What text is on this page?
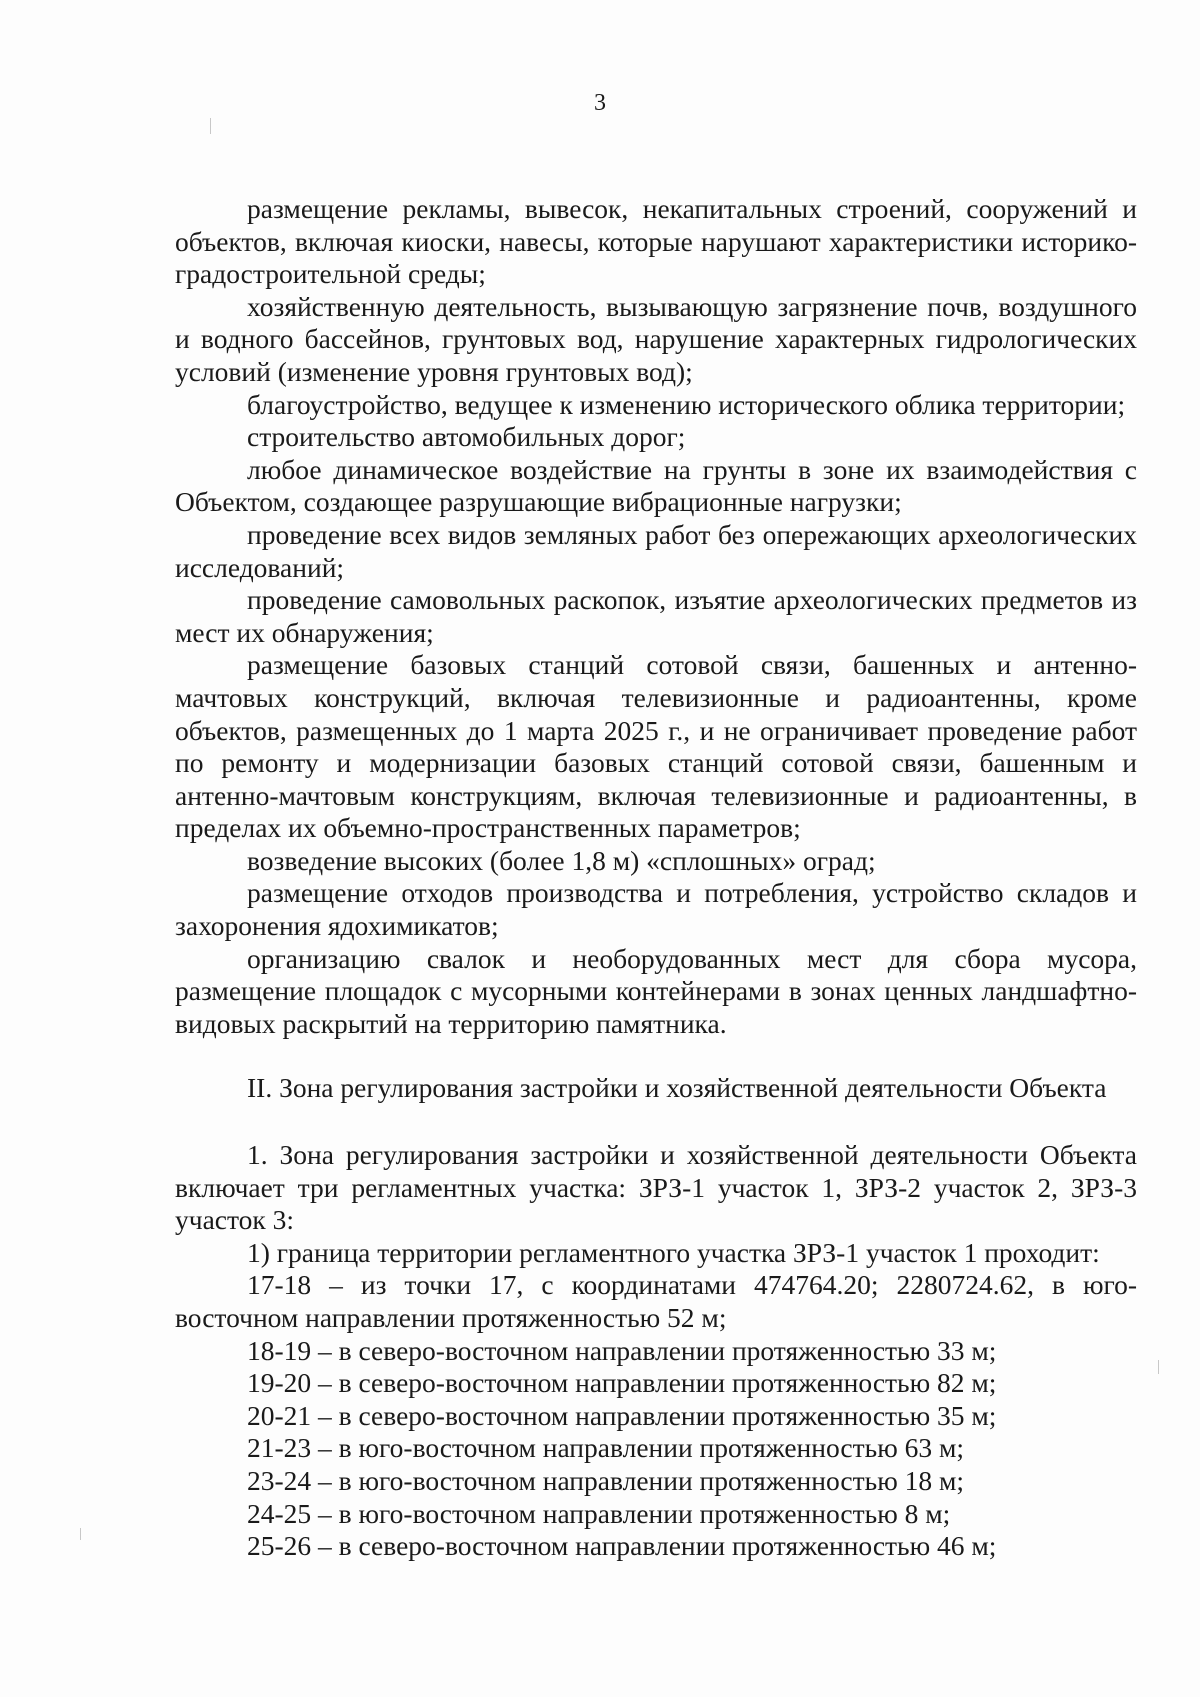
3

размещение рекламы, вывесок, некапитальных строений, сооружений и объектов, включая киоски, навесы, которые нарушают характеристики историко-градостроительной среды;

хозяйственную деятельность, вызывающую загрязнение почв, воздушного и водного бассейнов, грунтовых вод, нарушение характерных гидрологических условий (изменение уровня грунтовых вод);

благоустройство, ведущее к изменению исторического облика территории;

строительство автомобильных дорог;

любое динамическое воздействие на грунты в зоне их взаимодействия с Объектом, создающее разрушающие вибрационные нагрузки;

проведение всех видов земляных работ без опережающих археологических исследований;

проведение самовольных раскопок, изъятие археологических предметов из мест их обнаружения;

размещение базовых станций сотовой связи, башенных и антенно-мачтовых конструкций, включая телевизионные и радиоантенны, кроме объектов, размещенных до 1 марта 2025 г., и не ограничивает проведение работ по ремонту и модернизации базовых станций сотовой связи, башенным и антенно-мачтовым конструкциям, включая телевизионные и радиоантенны, в пределах их объемно-пространственных параметров;

возведение высоких (более 1,8 м) «сплошных» оград;

размещение отходов производства и потребления, устройство складов и захоронения ядохимикатов;

организацию свалок и необорудованных мест для сбора мусора, размещение площадок с мусорными контейнерами в зонах ценных ландшафтно-видовых раскрытий на территорию памятника.

II. Зона регулирования застройки и хозяйственной деятельности Объекта

1. Зона регулирования застройки и хозяйственной деятельности Объекта включает три регламентных участка: ЗРЗ-1 участок 1, ЗРЗ-2 участок 2, ЗРЗ-3 участок 3:

1) граница территории регламентного участка ЗРЗ-1 участок 1 проходит:

17-18 – из точки 17, с координатами 474764.20; 2280724.62, в юго-восточном направлении протяженностью 52 м;

18-19 – в северо-восточном направлении протяженностью 33 м;

19-20 – в северо-восточном направлении протяженностью 82 м;

20-21 – в северо-восточном направлении протяженностью 35 м;

21-23 – в юго-восточном направлении протяженностью 63 м;

23-24 – в юго-восточном направлении протяженностью 18 м;

24-25 – в юго-восточном направлении протяженностью 8 м;

25-26 – в северо-восточном направлении протяженностью 46 м;
